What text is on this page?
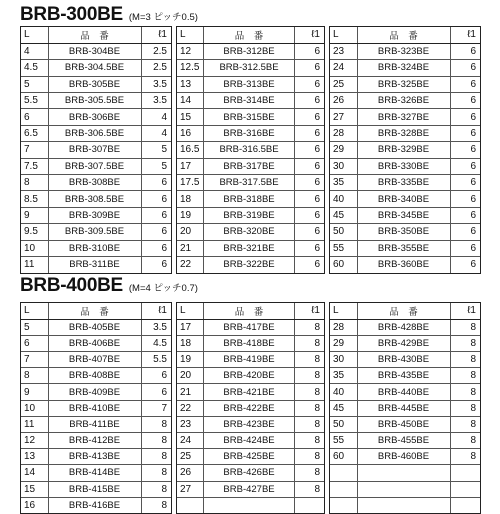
BRB-300BE (M=3 ピッチ0.5)
BRB-400BE (M=4 ピッチ0.7)
L	品　番	ℓ1
4	BRB-304BE	2.5
4.5	BRB-304.5BE	2.5
5	BRB-305BE	3.5
5.5	BRB-305.5BE	3.5
6	BRB-306BE	4
6.5	BRB-306.5BE	4
7	BRB-307BE	5
7.5	BRB-307.5BE	5
8	BRB-308BE	6
8.5	BRB-308.5BE	6
9	BRB-309BE	6
9.5	BRB-309.5BE	6
10	BRB-310BE	6
11	BRB-311BE	6
L	品　番	ℓ1
12	BRB-312BE	6
12.5	BRB-312.5BE	6
13	BRB-313BE	6
14	BRB-314BE	6
15	BRB-315BE	6
16	BRB-316BE	6
16.5	BRB-316.5BE	6
17	BRB-317BE	6
17.5	BRB-317.5BE	6
18	BRB-318BE	6
19	BRB-319BE	6
20	BRB-320BE	6
21	BRB-321BE	6
22	BRB-322BE	6
L	品　番	ℓ1
23	BRB-323BE	6
24	BRB-324BE	6
25	BRB-325BE	6
26	BRB-326BE	6
27	BRB-327BE	6
28	BRB-328BE	6
29	BRB-329BE	6
30	BRB-330BE	6
35	BRB-335BE	6
40	BRB-340BE	6
45	BRB-345BE	6
50	BRB-350BE	6
55	BRB-355BE	6
60	BRB-360BE	6
L	品　番	ℓ1
5	BRB-405BE	3.5
6	BRB-406BE	4.5
7	BRB-407BE	5.5
8	BRB-408BE	6
9	BRB-409BE	6
10	BRB-410BE	7
11	BRB-411BE	8
12	BRB-412BE	8
13	BRB-413BE	8
14	BRB-414BE	8
15	BRB-415BE	8
16	BRB-416BE	8
L	品　番	ℓ1
17	BRB-417BE	8
18	BRB-418BE	8
19	BRB-419BE	8
20	BRB-420BE	8
21	BRB-421BE	8
22	BRB-422BE	8
23	BRB-423BE	8
24	BRB-424BE	8
25	BRB-425BE	8
26	BRB-426BE	8
27	BRB-427BE	8

L	品　番	ℓ1
28	BRB-428BE	8
29	BRB-429BE	8
30	BRB-430BE	8
35	BRB-435BE	8
40	BRB-440BE	8
45	BRB-445BE	8
50	BRB-450BE	8
55	BRB-455BE	8
60	BRB-460BE	8
